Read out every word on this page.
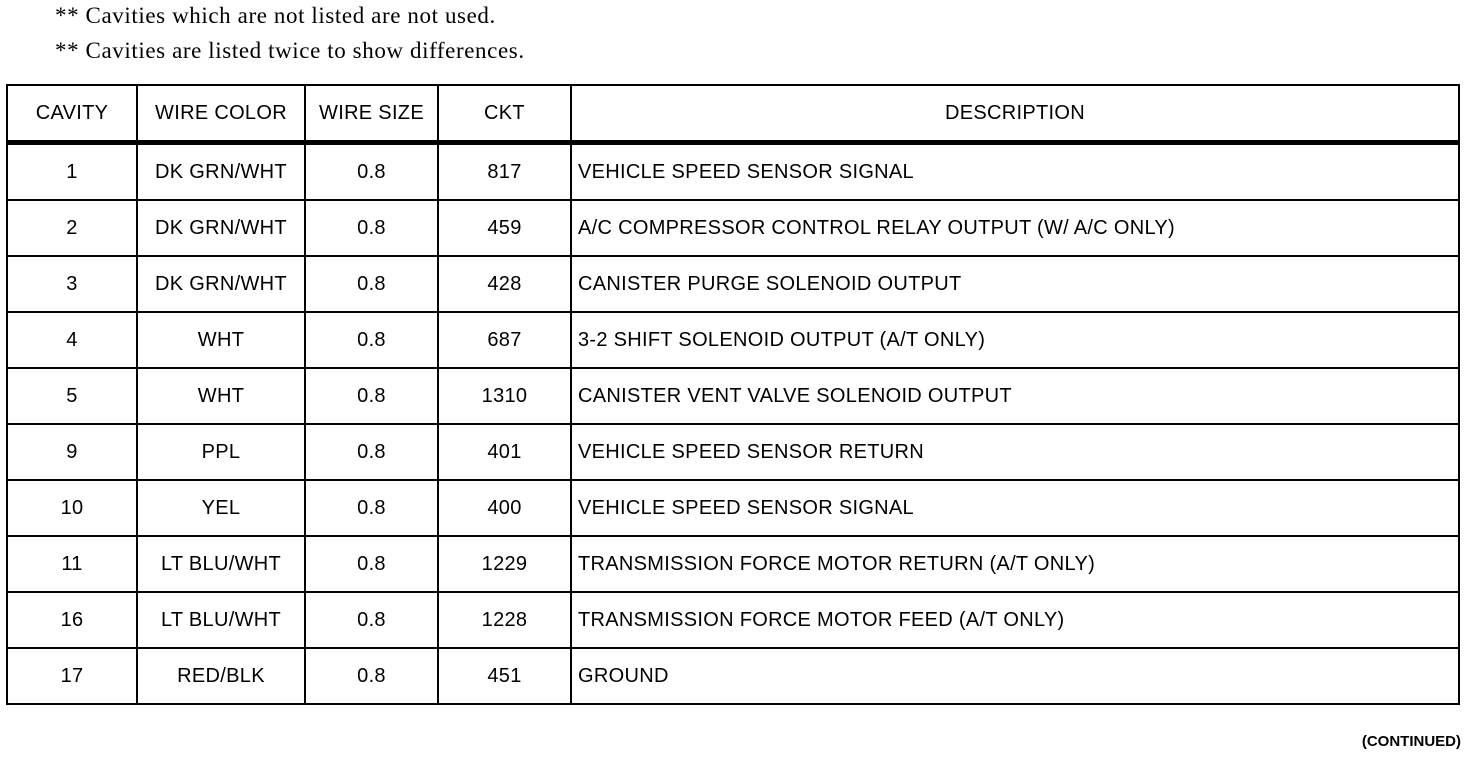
** Cavities which are not listed are not used.
** Cavities are listed twice to show differences.
CAVITY	WIRE COLOR	WIRE SIZE	CKT	DESCRIPTION
1	DK GRN/WHT	0.8	817	VEHICLE SPEED SENSOR SIGNAL
2	DK GRN/WHT	0.8	459	A/C COMPRESSOR CONTROL RELAY OUTPUT (W/ A/C ONLY)
3	DK GRN/WHT	0.8	428	CANISTER PURGE SOLENOID OUTPUT
4	WHT	0.8	687	3-2 SHIFT SOLENOID OUTPUT (A/T ONLY)
5	WHT	0.8	1310	CANISTER VENT VALVE SOLENOID OUTPUT
9	PPL	0.8	401	VEHICLE SPEED SENSOR RETURN
10	YEL	0.8	400	VEHICLE SPEED SENSOR SIGNAL
11	LT BLU/WHT	0.8	1229	TRANSMISSION FORCE MOTOR RETURN (A/T ONLY)
16	LT BLU/WHT	0.8	1228	TRANSMISSION FORCE MOTOR FEED (A/T ONLY)
17	RED/BLK	0.8	451	GROUND
(CONTINUED)
